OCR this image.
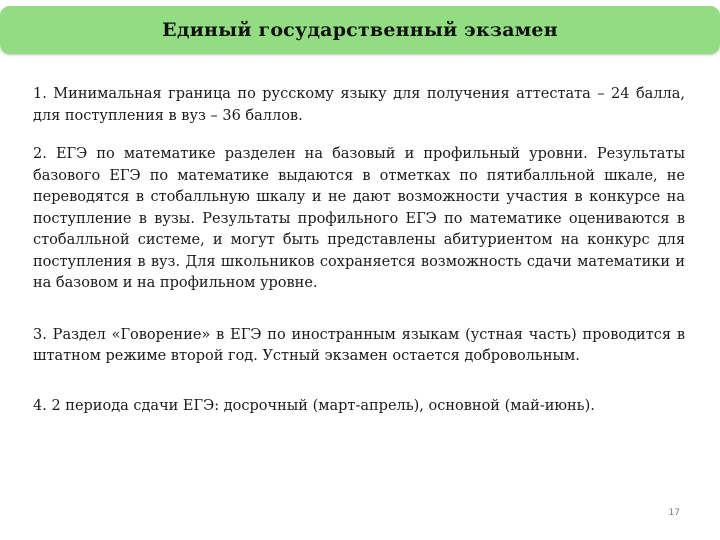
Единый государственный экзамен

1. Минимальная граница по русскому языку для получения аттестата – 24 балла, для поступления в вуз – 36 баллов.

2. ЕГЭ по математике разделен на базовый и профильный уровни. Результаты базового ЕГЭ по математике выдаются в отметках по пятибалльной шкале, не переводятся в стобалльную шкалу и не дают возможности участия в конкурсе на поступление в вузы. Результаты профильного ЕГЭ по математике оцениваются в стобалльной системе, и могут быть представлены абитуриентом на конкурс для поступления в вуз. Для школьников сохраняется возможность сдачи математики и на базовом и на профильном уровне.

3. Раздел «Говорение» в ЕГЭ по иностранным языкам (устная часть) проводится в штатном режиме второй год. Устный экзамен остается добровольным.

4. 2 периода сдачи ЕГЭ: досрочный (март-апрель), основной (май-июнь).

17
